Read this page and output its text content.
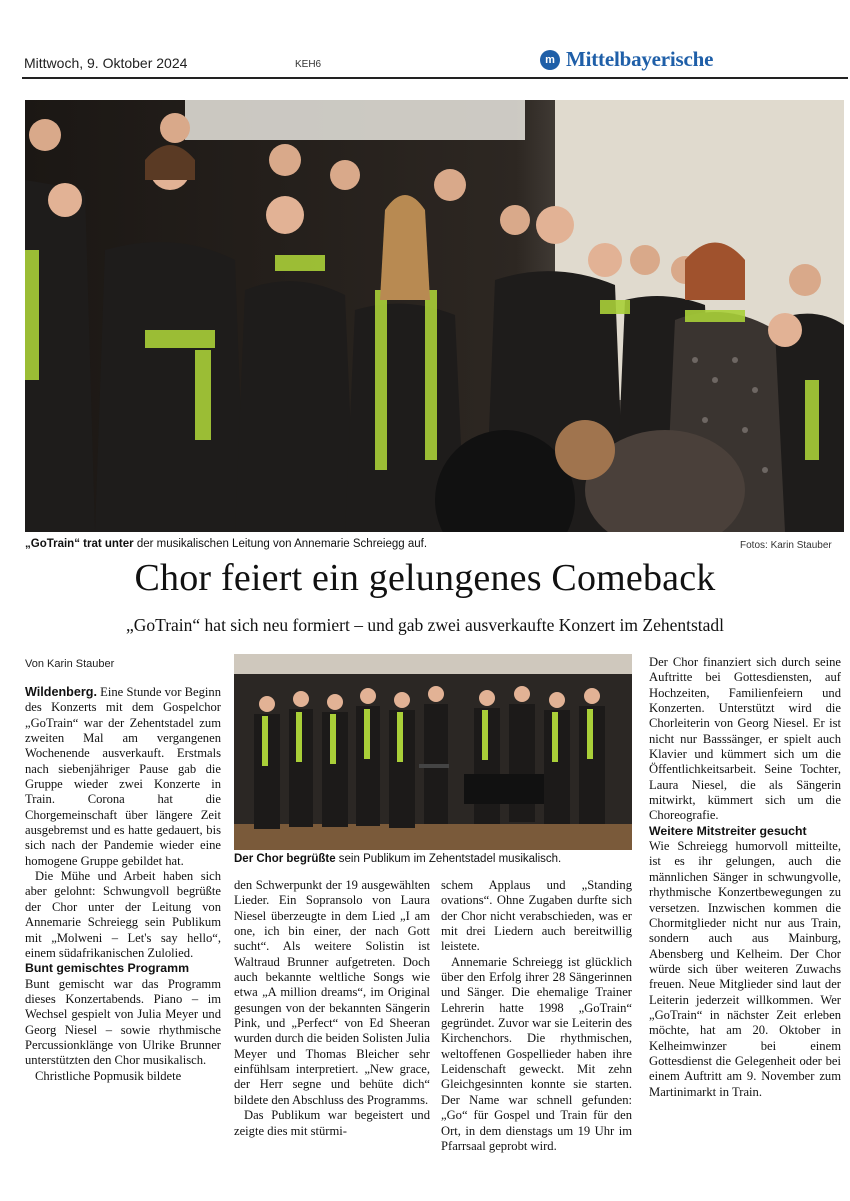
Mittwoch, 9. Oktober 2024	KEH6	m Mittelbayerische
„GoTrain“ trat unter der musikalischen Leitung von Annemarie Schreiegg auf.	Fotos: Karin Stauber
Chor feiert ein gelungenes Comeback
„GoTrain“ hat sich neu formiert – und gab zwei ausverkaufte Konzert im Zehentstadl
Von Karin Stauber

Wildenberg. Eine Stunde vor Beginn des Konzerts mit dem Gospelchor „GoTrain“ war der Zehentstadel zum zweiten Mal am vergangenen Wochenende ausverkauft. Erstmals nach siebenjähriger Pause gab die Gruppe wieder zwei Konzerte in Train. Corona hat die Chorgemeinschaft über längere Zeit ausgebremst und es hatte gedauert, bis sich nach der Pandemie wieder eine homogene Gruppe gebildet hat.

Die Mühe und Arbeit haben sich aber gelohnt: Schwungvoll begrüßte der Chor unter der Leitung von Annemarie Schreiegg sein Publikum mit „Molweni – Let's say hello“, einem südafrikanischen Zulolied.

Bunt gemischtes Programm

Bunt gemischt war das Programm dieses Konzertabends. Piano – im Wechsel gespielt von Julia Meyer und Georg Niesel – sowie rhythmische Percussionklänge von Ulrike Brunner unterstützten den Chor musikalisch.

Christliche Popmusik bildete

Der Chor begrüßte sein Publikum im Zehentstadel musikalisch.

den Schwerpunkt der 19 ausgewählten Lieder. Ein Sopransolo von Laura Niesel überzeugte in dem Lied „I am one, ich bin einer, der nach Gott sucht“. Als weitere Solistin ist Waltraud Brunner aufgetreten. Doch auch bekannte weltliche Songs wie etwa „A million dreams“, im Original gesungen von der bekannten Sängerin Pink, und „Perfect“ von Ed Sheeran wurden durch die beiden Solisten Julia Meyer und Thomas Bleicher sehr einfühlsam interpretiert. „New grace, der Herr segne und behüte dich“ bildete den Abschluss des Programms.

Das Publikum war begeistert und zeigte dies mit stürmi-

schem Applaus und „Standing ovations“. Ohne Zugaben durfte sich der Chor nicht verabschieden, was er mit drei Liedern auch bereitwillig leistete.

Annemarie Schreiegg ist glücklich über den Erfolg ihrer 28 Sängerinnen und Sänger. Die ehemalige Trainer Lehrerin hatte 1998 „GoTrain“ gegründet. Zuvor war sie Leiterin des Kirchenchors. Die rhythmischen, weltoffenen Gospellieder haben ihre Leidenschaft geweckt. Mit zehn Gleichgesinnten konnte sie starten. Der Name war schnell gefunden: „Go“ für Gospel und Train für den Ort, in dem dienstags um 19 Uhr im Pfarrsaal geprobt wird.

Der Chor finanziert sich durch seine Auftritte bei Gottesdiensten, auf Hochzeiten, Familienfeiern und Konzerten. Unterstützt wird die Chorleiterin von Georg Niesel. Er ist nicht nur Basssänger, er spielt auch Klavier und kümmert sich um die Öffentlichkeitsarbeit. Seine Tochter, Laura Niesel, die als Sängerin mitwirkt, kümmert sich um die Choreografie.

Weitere Mitstreiter gesucht

Wie Schreiegg humorvoll mitteilte, ist es ihr gelungen, auch die männlichen Sänger in schwungvolle, rhythmische Konzertbewegungen zu versetzen. Inzwischen kommen die Chormitglieder nicht nur aus Train, sondern auch aus Mainburg, Abensberg und Kelheim. Der Chor würde sich über weiteren Zuwachs freuen. Neue Mitglieder sind laut der Leiterin jederzeit willkommen. Wer „GoTrain“ in nächster Zeit erleben möchte, hat am 20. Oktober in Kelheimwinzer bei einem Gottesdienst die Gelegenheit oder bei einem Auftritt am 9. November zum Martinimarkt in Train.
